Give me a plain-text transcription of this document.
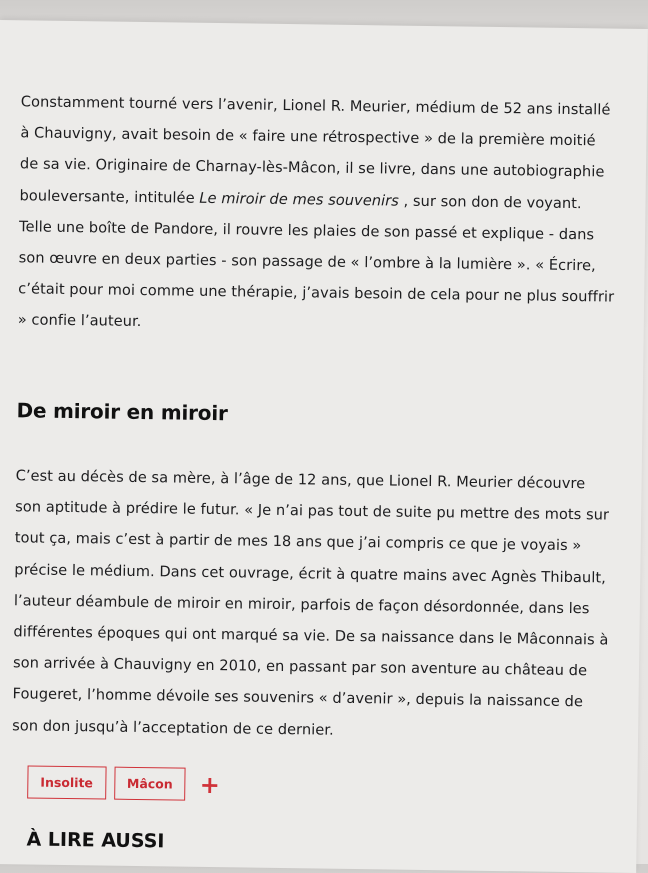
Constamment tourné vers l’avenir, Lionel R. Meurier, médium de 52 ans installé à Chauvigny, avait besoin de « faire une rétrospective » de la première moitié de sa vie. Originaire de Charnay-lès-Mâcon, il se livre, dans une autobiographie bouleversante, intitulée Le miroir de mes souvenirs , sur son don de voyant. Telle une boîte de Pandore, il rouvre les plaies de son passé et explique - dans son œuvre en deux parties - son passage de « l’ombre à la lumière ». « Écrire, c’était pour moi comme une thérapie, j’avais besoin de cela pour ne plus souffrir » confie l’auteur.

De miroir en miroir

C’est au décès de sa mère, à l’âge de 12 ans, que Lionel R. Meurier découvre son aptitude à prédire le futur. « Je n’ai pas tout de suite pu mettre des mots sur tout ça, mais c’est à partir de mes 18 ans que j’ai compris ce que je voyais » précise le médium. Dans cet ouvrage, écrit à quatre mains avec Agnès Thibault, l’auteur déambule de miroir en miroir, parfois de façon désordonnée, dans les différentes époques qui ont marqué sa vie. De sa naissance dans le Mâconnais à son arrivée à Chauvigny en 2010, en passant par son aventure au château de Fougeret, l’homme dévoile ses souvenirs « d’avenir », depuis la naissance de son don jusqu’à l’acceptation de ce dernier.

Insolite	Mâcon	+
À LIRE AUSSI
